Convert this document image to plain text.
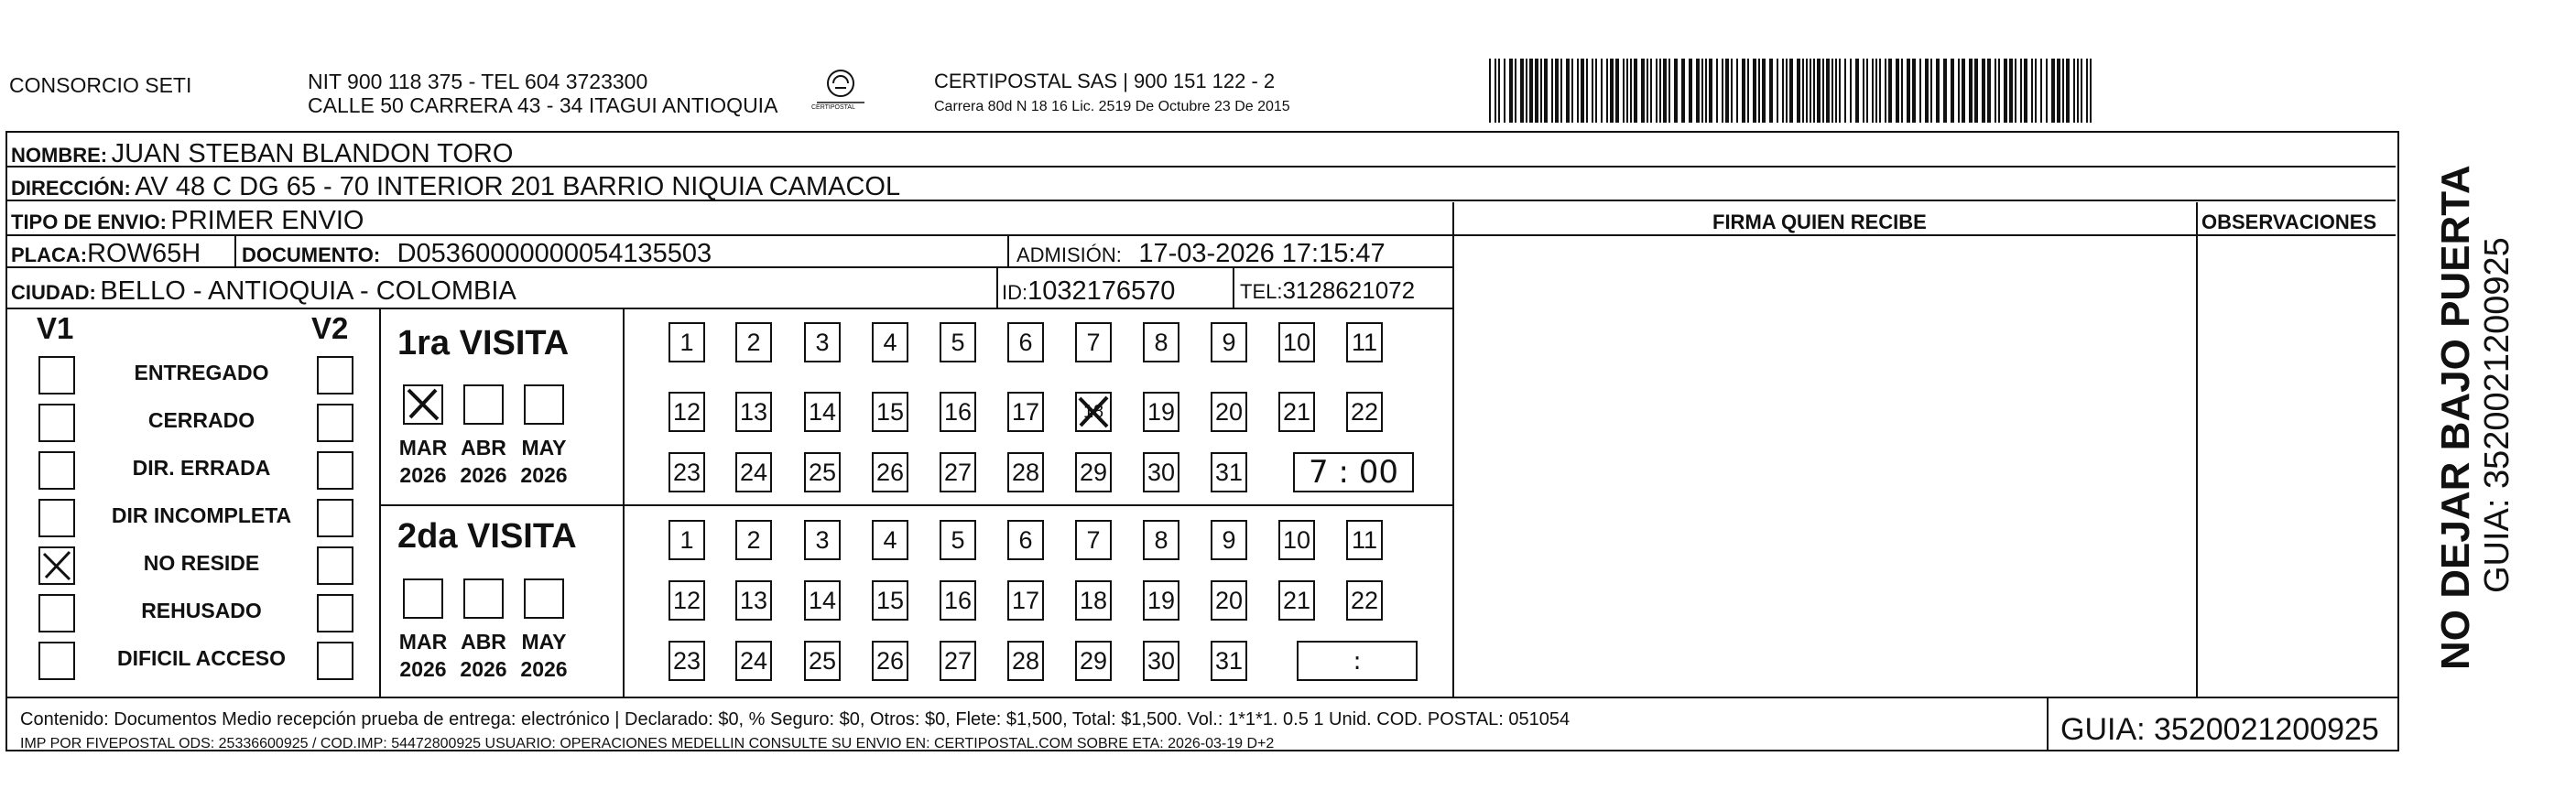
CONSORCIO SETI	NIT 900 118 375 - TEL 604 3723300
CALLE 50 CARRERA 43 - 34 ITAGUI ANTIOQUIA	CERTIPOSTAL
CERTIPOSTAL SAS | 900 151 122 - 2
Carrera 80d N 18 16 Lic. 2519 De Octubre 23 De 2015
NOMBRE: JUAN STEBAN BLANDON TORO
DIRECCIÓN: AV 48 C DG 65 - 70 INTERIOR 201 BARRIO NIQUIA CAMACOL
TIPO DE ENVIO: PRIMER ENVIO	FIRMA QUIEN RECIBE	OBSERVACIONES
PLACA:ROW65H DOCUMENTO: D05360000000054135503	ADMISIÓN: 17-03-2026 17:15:47
CIUDAD: BELLO - ANTIOQUIA - COLOMBIA	ID:1032176570	TEL:3128621072
V1	V2
ENTREGADO
CERRADO
DIR. ERRADA
DIR INCOMPLETA
NO RESIDE
REHUSADO
DIFICIL ACCESO
1ra VISITA
2da VISITA
1	2	3	4	5	6	7	8	9	10 11
12 13 14 15 16 17 18 19 20 21 22
23 24 25 26 27 28 29 30 31	7 : 00
1	2	3	4	5	6	7	8	9	10 11
12 13 14 15 16 17 18 19 20 21 22
23 24 25 26 27 28 29 30 31	:
MAR
2026
ABR
2026
MAY
2026
MAR
2026
ABR
2026
MAY
2026
Contenido: Documentos Medio recepción prueba de entrega: electrónico | Declarado: $0, % Seguro: $0, Otros: $0, Flete: $1,500, Total: $1,500. Vol.: 1*1*1. 0.5 1 Unid. COD. POSTAL: 051054
IMP POR FIVEPOSTAL ODS: 25336600925 / COD.IMP: 54472800925 USUARIO: OPERACIONES MEDELLIN CONSULTE SU ENVIO EN: CERTIPOSTAL.COM SOBRE ETA: 2026-03-19 D+2	GUIA: 3520021200925
NO DEJAR BAJO PUERTA GUIA: 3520021200925
